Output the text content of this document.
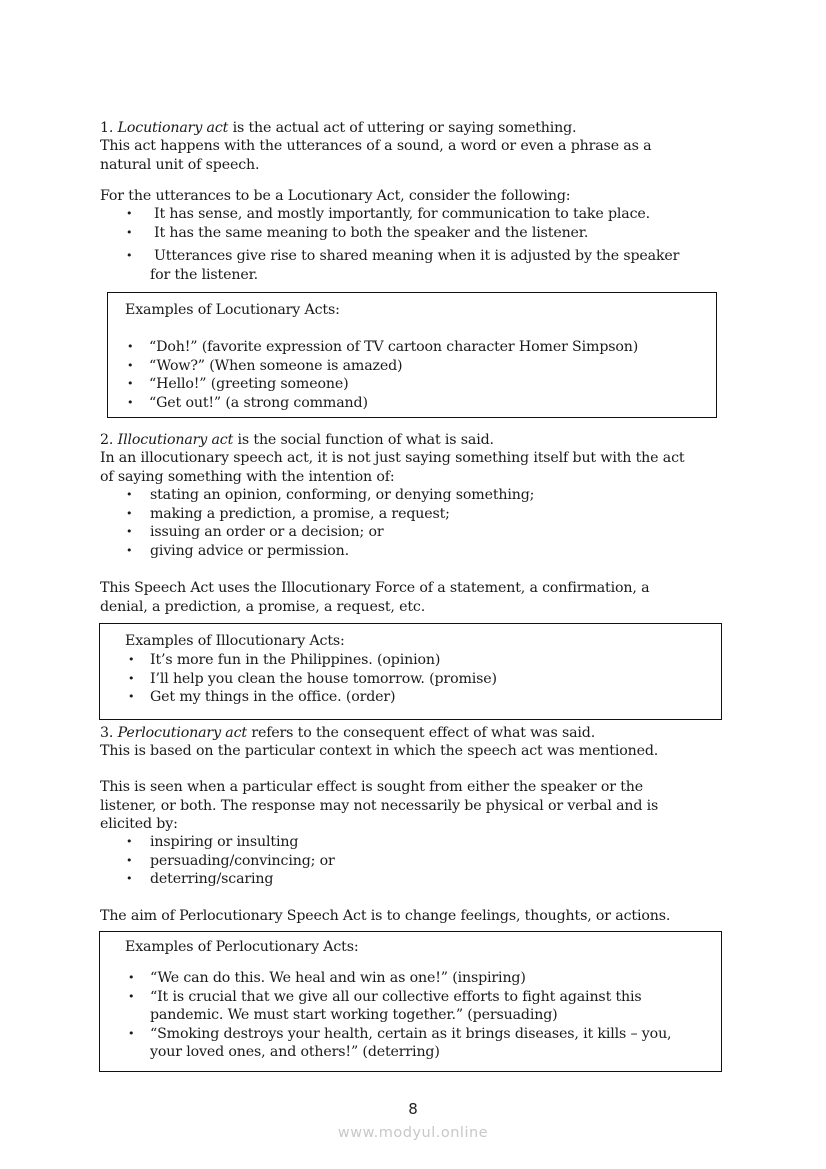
1. Locutionary act is the actual act of uttering or saying something.
This act happens with the utterances of a sound, a word or even a phrase as a
natural unit of speech.
For the utterances to be a Locutionary Act, consider the following:
• It has sense, and mostly importantly, for communication to take place.
• It has the same meaning to both the speaker and the listener.
• Utterances give rise to shared meaning when it is adjusted by the speaker
for the listener.
Examples of Locutionary Acts:
• “Doh!” (favorite expression of TV cartoon character Homer Simpson)
• “Wow?” (When someone is amazed)
• “Hello!” (greeting someone)
• “Get out!” (a strong command)
2. Illocutionary act is the social function of what is said.
In an illocutionary speech act, it is not just saying something itself but with the act
of saying something with the intention of:
• stating an opinion, conforming, or denying something;
• making a prediction, a promise, a request;
• issuing an order or a decision; or
• giving advice or permission.
This Speech Act uses the Illocutionary Force of a statement, a confirmation, a
denial, a prediction, a promise, a request, etc.
Examples of Illocutionary Acts:
• It’s more fun in the Philippines. (opinion)
• I’ll help you clean the house tomorrow. (promise)
• Get my things in the office. (order)
3. Perlocutionary act refers to the consequent effect of what was said.
This is based on the particular context in which the speech act was mentioned.
This is seen when a particular effect is sought from either the speaker or the
listener, or both. The response may not necessarily be physical or verbal and is
elicited by:
• inspiring or insulting
• persuading/convincing; or
• deterring/scaring
The aim of Perlocutionary Speech Act is to change feelings, thoughts, or actions.
Examples of Perlocutionary Acts:
• “We can do this. We heal and win as one!” (inspiring)
• “It is crucial that we give all our collective efforts to fight against this
pandemic. We must start working together.” (persuading)
• “Smoking destroys your health, certain as it brings diseases, it kills – you,
your loved ones, and others!” (deterring)
8
www.modyul.online
